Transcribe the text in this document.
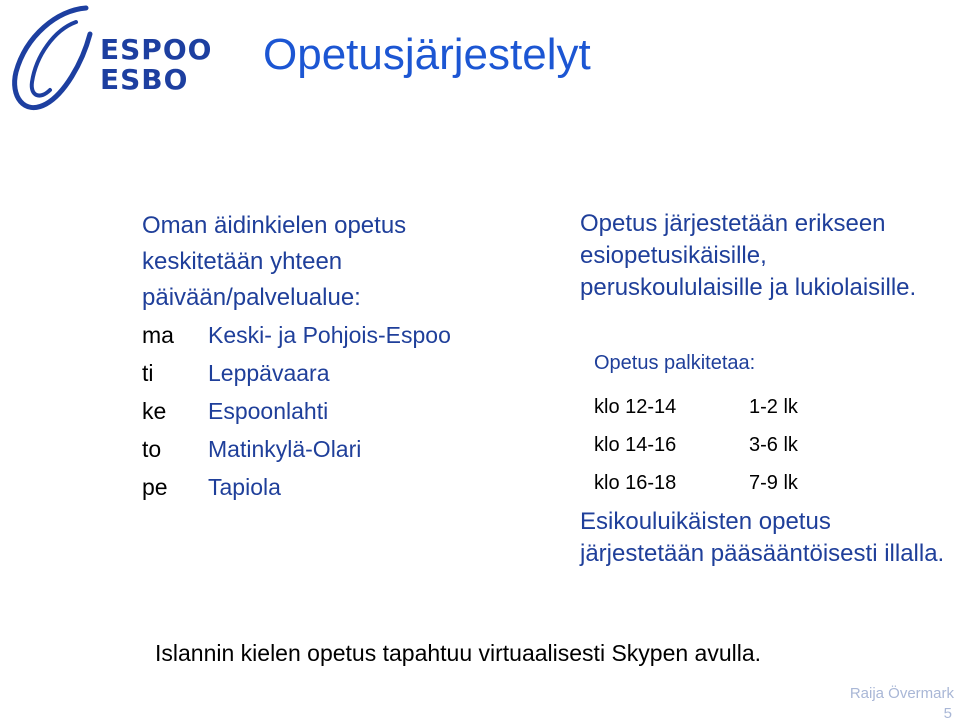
ESPOO
ESBO
Opetusjärjestelyt
Oman äidinkielen opetus keskitetään yhteen päivään/palvelualue:
ma	Keski- ja Pohjois-Espoo
ti	Leppävaara
ke	Espoonlahti
to	Matinkylä-Olari
pe	Tapiola
Opetus järjestetään erikseen esiopetusikäisille, peruskoululaisille ja lukiolaisille.
Opetus palkitetaa:
klo 12-14	1-2 lk
klo 14-16	3-6 lk
klo 16-18	7-9 lk
Esikouluikäisten opetus järjestetään pääsääntöisesti illalla.
Islannin kielen opetus tapahtuu virtuaalisesti Skypen avulla.
Raija Övermark
5
